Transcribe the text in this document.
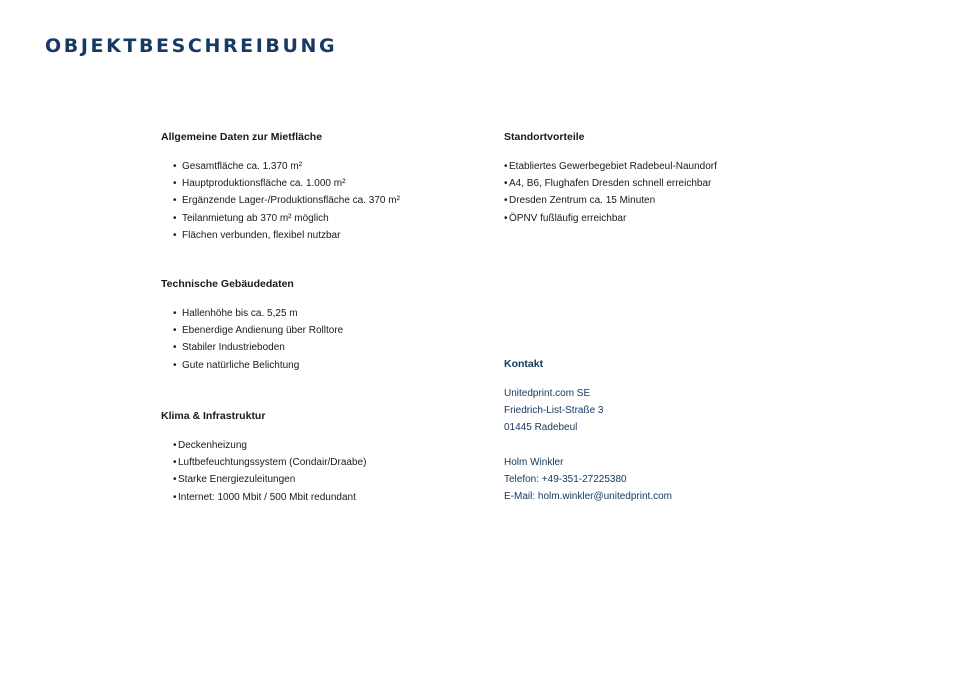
OBJEKTBESCHREIBUNG
Allgemeine Daten zur Mietfläche
• Gesamtfläche ca. 1.370 m²
• Hauptproduktionsfläche ca. 1.000 m²
• Ergänzende Lager-/Produktionsfläche ca. 370 m²
• Teilanmietung ab 370 m² möglich
• Flächen verbunden, flexibel nutzbar
Technische Gebäudedaten
• Hallenhöhe bis ca. 5,25 m
• Ebenerdige Andienung über Rolltore
• Stabiler Industrieboden
• Gute natürliche Belichtung
Klima & Infrastruktur
•Deckenheizung
•Luftbefeuchtungssystem (Condair/Draabe)
•Starke Energiezuleitungen
•Internet: 1000 Mbit / 500 Mbit redundant
Standortvorteile
•Etabliertes Gewerbegebiet Radebeul-Naundorf
•A4, B6, Flughafen Dresden schnell erreichbar
•Dresden Zentrum ca. 15 Minuten
•ÖPNV fußläufig erreichbar
Kontakt
Unitedprint.com SE
Friedrich-List-Straße 3
01445 Radebeul
Holm Winkler
Telefon: +49-351-27225380
E-Mail: holm.winkler@unitedprint.com
